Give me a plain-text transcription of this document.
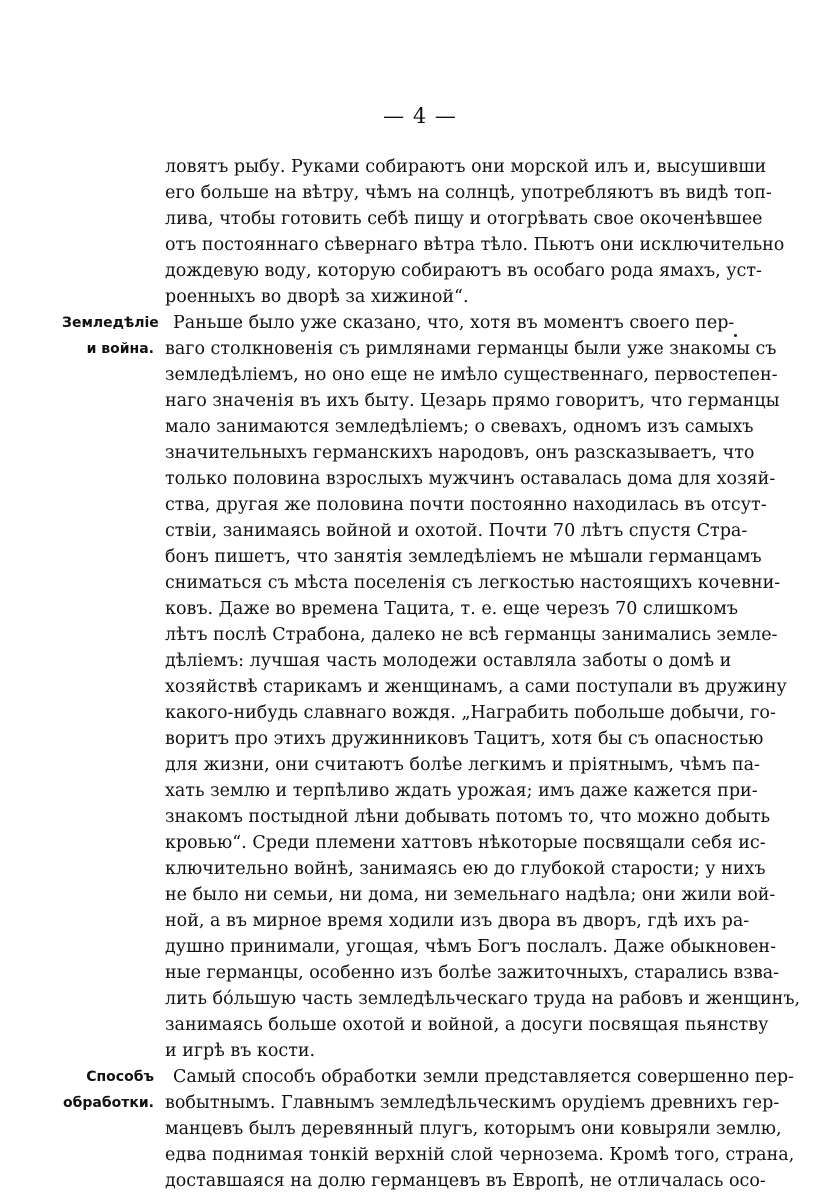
— 4 —
ловятъ рыбу. Руками собираютъ они морской илъ и, высушивши
его больше на вѣтру, чѣмъ на солнцѣ, употребляютъ въ видѣ топ-
лива, чтобы готовить себѣ пищу и отогрѣвать свое окоченѣвшее
отъ постояннаго сѣвернаго вѣтра тѣло. Пьютъ они исключительно
дождевую воду, которую собираютъ въ особаго рода ямахъ, уст-
роенныхъ во дворѣ за хижиной“.
Раньше было уже сказано, что, хотя въ моментъ своего пер-
ваго столкновенія съ римлянами германцы были уже знакомы съ
земледѣліемъ, но оно еще не имѣло существеннаго, первостепен-
наго значенія въ ихъ быту. Цезарь прямо говоритъ, что германцы
мало занимаются земледѣліемъ; о свевахъ, одномъ изъ самыхъ
значительныхъ германскихъ народовъ, онъ разсказываетъ, что
только половина взрослыхъ мужчинъ оставалась дома для хозяй-
ства, другая же половина почти постоянно находилась въ отсут-
ствіи, занимаясь войной и охотой. Почти 70 лѣтъ спустя Стра-
бонъ пишетъ, что занятія земледѣліемъ не мѣшали германцамъ
сниматься съ мѣста поселенія съ легкостью настоящихъ кочевни-
ковъ. Даже во времена Тацита, т. е. еще черезъ 70 слишкомъ
лѣтъ послѣ Страбона, далеко не всѣ германцы занимались земле-
дѣліемъ: лучшая часть молодежи оставляла заботы о домѣ и
хозяйствѣ старикамъ и женщинамъ, а сами поступали въ дружину
какого-нибудь славнаго вождя. „Награбить побольше добычи, го-
воритъ про этихъ дружинниковъ Тацитъ, хотя бы съ опасностью
для жизни, они считаютъ болѣе легкимъ и пріятнымъ, чѣмъ па-
хать землю и терпѣливо ждать урожая; имъ даже кажется при-
знакомъ постыдной лѣни добывать потомъ то, что можно добыть
кровью“. Среди племени хаттовъ нѣкоторые посвящали себя ис-
ключительно войнѣ, занимаясь ею до глубокой старости; у нихъ
не было ни семьи, ни дома, ни земельнаго надѣла; они жили вой-
ной, а въ мирное время ходили изъ двора въ дворъ, гдѣ ихъ ра-
душно принимали, угощая, чѣмъ Богъ послалъ. Даже обыкновен-
ные германцы, особенно изъ болѣе зажиточныхъ, старались взва-
лить бóльшую часть земледѣльческаго труда на рабовъ и женщинъ,
занимаясь больше охотой и войной, а досуги посвящая пьянству
и игрѣ въ кости.
Самый способъ обработки земли представляется совершенно пер-
вобытнымъ. Главнымъ земледѣльческимъ орудіемъ древнихъ гер-
манцевъ былъ деревянный плугъ, которымъ они ковыряли землю,
едва поднимая тонкій верхній слой чернозема. Кромѣ того, страна,
доставшаяся на долю германцевъ въ Европѣ, не отличалась осо-
Земледѣліе
и война.
Способъ
обработки.
